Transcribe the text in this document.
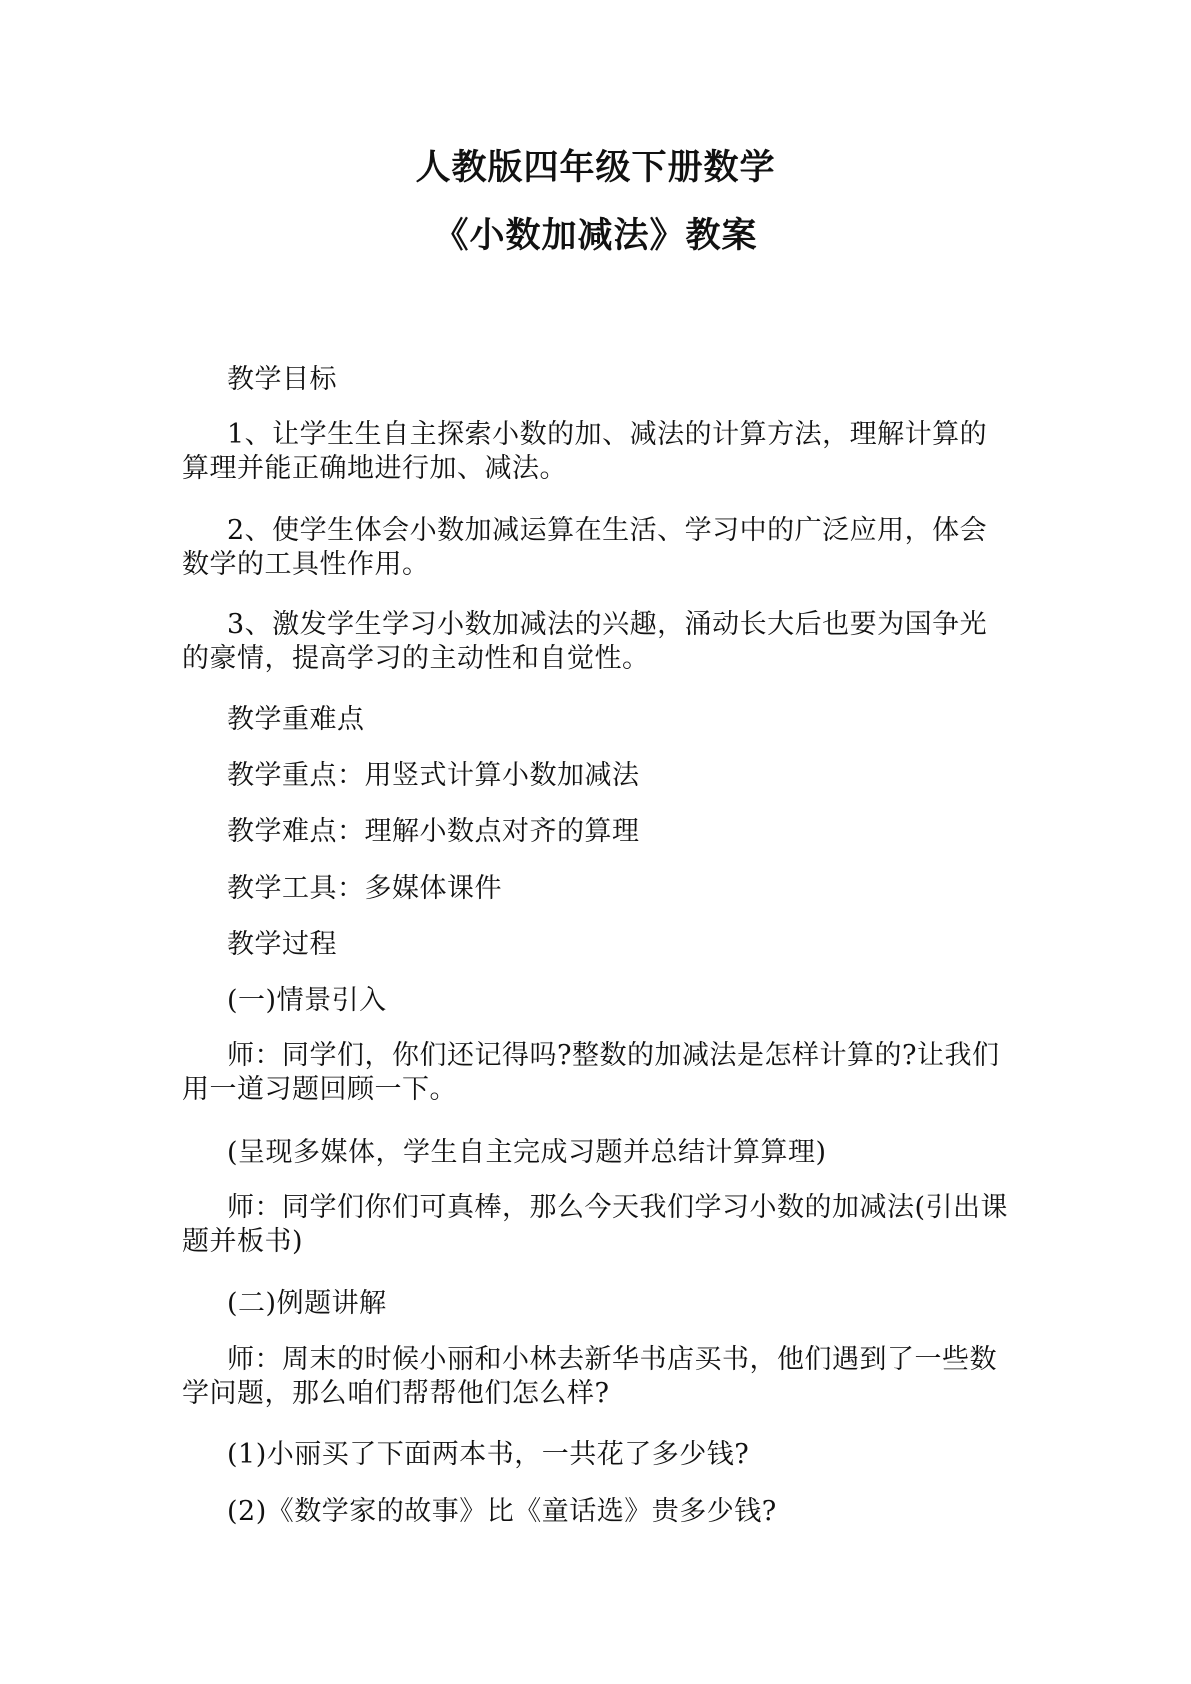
人教版四年级下册数学
《小数加减法》教案

教学目标

1、让学生生自主探索小数的加、减法的计算方法，理解计算的算理并能正确地进行加、减法。

2、使学生体会小数加减运算在生活、学习中的广泛应用，体会数学的工具性作用。

3、激发学生学习小数加减法的兴趣，涌动长大后也要为国争光的豪情，提高学习的主动性和自觉性。

教学重难点

教学重点：用竖式计算小数加减法

教学难点：理解小数点对齐的算理

教学工具：多媒体课件

教学过程

(一)情景引入

师：同学们，你们还记得吗?整数的加减法是怎样计算的?让我们用一道习题回顾一下。

(呈现多媒体，学生自主完成习题并总结计算算理)

师：同学们你们可真棒，那么今天我们学习小数的加减法(引出课题并板书)

(二)例题讲解

师：周末的时候小丽和小林去新华书店买书，他们遇到了一些数学问题，那么咱们帮帮他们怎么样?

(1)小丽买了下面两本书，一共花了多少钱?

(2)《数学家的故事》比《童话选》贵多少钱?
